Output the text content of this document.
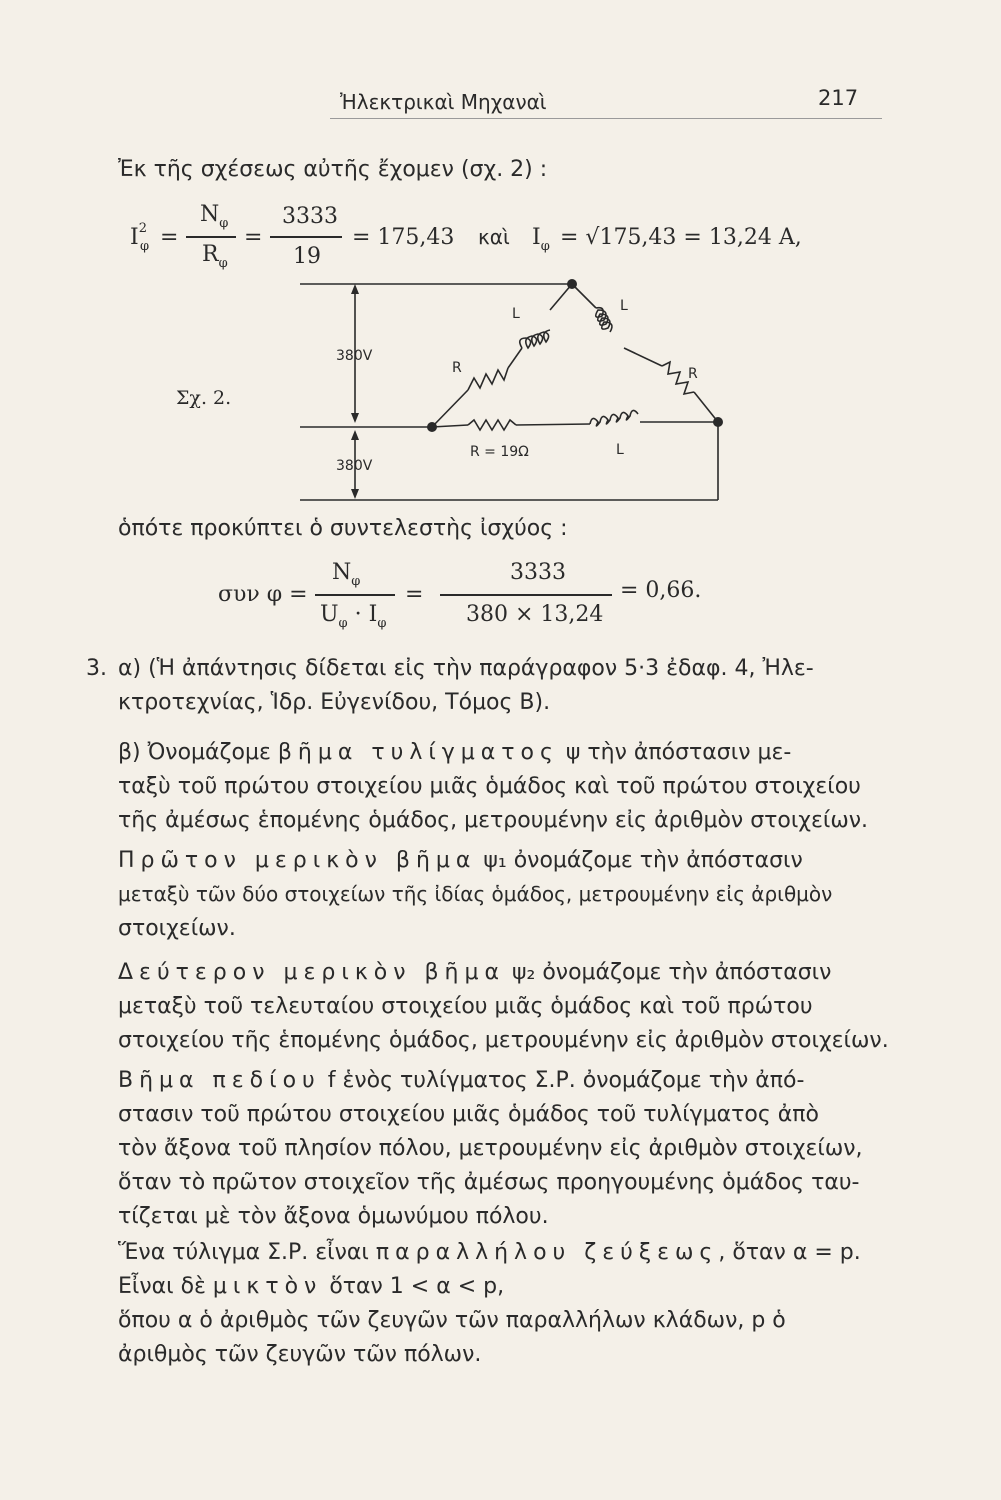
Ἠλεκτρικαὶ Μηχαναὶ	217
Ἐκ τῆς σχέσεως αὐτῆς ἔχομεν (σχ. 2) :
$I^2_\varphi$ =
$N_\varphi$
$R_\varphi$
=
3333
19
= 175,43 καὶ $I_\varphi = √175,43 = 13,24$ A,
Σχ. 2.
380V
380V
L	L
R	R
R = 19Ω	L
ὁπότε προκύπτει ὁ συντελεστὴς ἰσχύος :
συν φ =
$N_\varphi$
$U_\varphi \cdot I_\varphi$
=
3333
380 × 13,24
= 0,66.
3. α) (Ἡ ἀπάντησις δίδεται εἰς τὴν παράγραφον 5·3 ἐδαφ. 4, Ἠλε-
κτροτεχνίας, Ἱδρ. Εὐγενίδου, Τόμος Β).
β) Ὀνομάζομε βῆμα τυλίγματος ψ τὴν ἀπόστασιν με-
ταξὺ τοῦ πρώτου στοιχείου μιᾶς ὁμάδος καὶ τοῦ πρώτου στοιχείου
τῆς ἀμέσως ἑπομένης ὁμάδος, μετρουμένην εἰς ἀριθμὸν στοιχείων.
Πρῶτον μερικὸν βῆμα ψ₁ ὀνομάζομε τὴν ἀπόστασιν
μεταξὺ τῶν δύο στοιχείων τῆς ἰδίας ὁμάδος, μετρουμένην εἰς ἀριθμὸν
στοιχείων.
Δεύτερον μερικὸν βῆμα ψ₂ ὀνομάζομε τὴν ἀπόστασιν
μεταξὺ τοῦ τελευταίου στοιχείου μιᾶς ὁμάδος καὶ τοῦ πρώτου
στοιχείου τῆς ἑπομένης ὁμάδος, μετρουμένην εἰς ἀριθμὸν στοιχείων.
Βῆμα πεδίου f ἑνὸς τυλίγματος Σ.Ρ. ὀνομάζομε τὴν ἀπό-
στασιν τοῦ πρώτου στοιχείου μιᾶς ὁμάδος τοῦ τυλίγματος ἀπὸ
τὸν ἄξονα τοῦ πλησίον πόλου, μετρουμένην εἰς ἀριθμὸν στοιχείων,
ὅταν τὸ πρῶτον στοιχεῖον τῆς ἀμέσως προηγουμένης ὁμάδος ταυ-
τίζεται μὲ τὸν ἄξονα ὁμωνύμου πόλου.
Ἕνα τύλιγμα Σ.Ρ. εἶναι παραλλήλου ζεύξεως, ὅταν α = p.
Εἶναι δὲ μικτὸν ὅταν 1 < α < p,
ὅπου α ὁ ἀριθμὸς τῶν ζευγῶν τῶν παραλλήλων κλάδων, p ὁ
ἀριθμὸς τῶν ζευγῶν τῶν πόλων.
